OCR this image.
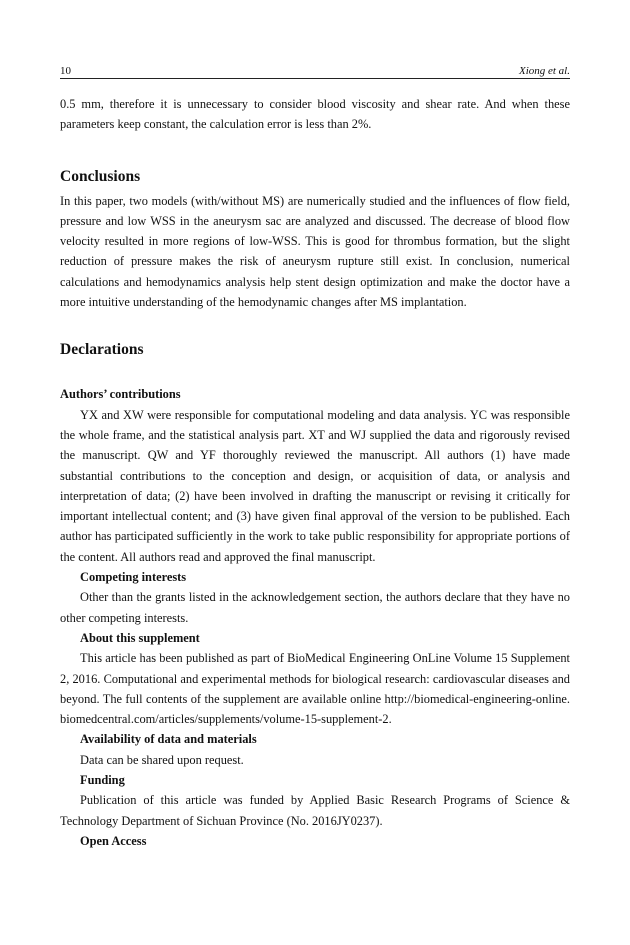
10	Xiong et al.

0.5 mm, therefore it is unnecessary to consider blood viscosity and shear rate. And when these parameters keep constant, the calculation error is less than 2%.

Conclusions

In this paper, two models (with/without MS) are numerically studied and the influences of flow field, pressure and low WSS in the aneurysm sac are analyzed and discussed. The decrease of blood flow velocity resulted in more regions of low-WSS. This is good for thrombus formation, but the slight reduction of pressure makes the risk of aneurysm rupture still exist. In conclusion, numerical calculations and hemodynamics analysis help stent design optimization and make the doctor have a more intuitive understanding of the hemodynamic changes after MS implantation.

Declarations
Authors’ contributions

YX and XW were responsible for computational modeling and data analysis. YC was responsible the whole frame, and the statistical analysis part. XT and WJ supplied the data and rigorously revised the manuscript. QW and YF thoroughly reviewed the manuscript. All authors (1) have made substantial contributions to the conception and design, or acquisition of data, or analysis and interpretation of data; (2) have been involved in drafting the manuscript or revising it critically for important intellectual content; and (3) have given final approval of the version to be published. Each author has participated sufficiently in the work to take public responsibility for appropriate portions of the content. All authors read and approved the final manuscript.

Competing interests

Other than the grants listed in the acknowledgement section, the authors declare that they have no other competing interests.

About this supplement

This article has been published as part of BioMedical Engineering OnLine Volume 15 Supplement 2, 2016. Computational and experimental methods for biological research: cardiovascular diseases and beyond. The full contents of the supplement are available online http://biomedical-engineering-online.biomedcentral.com/articles/supplements/volume-15-supplement-2.

Availability of data and materials

Data can be shared upon request.

Funding

Publication of this article was funded by Applied Basic Research Programs of Science & Technology Department of Sichuan Province (No. 2016JY0237).

Open Access
